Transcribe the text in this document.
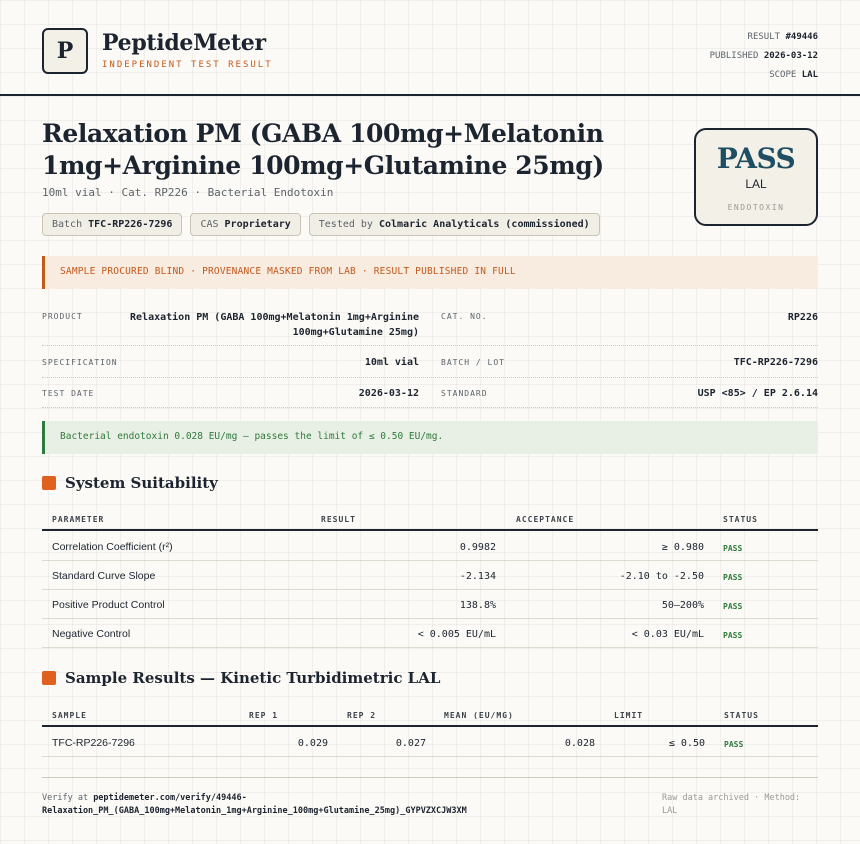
P PeptideMeter
INDEPENDENT TEST RESULT
RESULT #49446
PUBLISHED 2026-03-12
SCOPE LAL
Relaxation PM (GABA 100mg+Melatonin
1mg+Arginine 100mg+Glutamine 25mg)
10ml vial · Cat. RP226 · Bacterial Endotoxin
Batch TFC-RP226-7296	CAS Proprietary	Tested by Colmaric Analyticals (commissioned)
PASS
LAL
ENDOTOXIN
SAMPLE PROCURED BLIND · PROVENANCE MASKED FROM LAB · RESULT PUBLISHED IN FULL
PRODUCT	Relaxation PM (GABA 100mg+Melatonin 1mg+Arginine
100mg+Glutamine 25mg)
CAT. NO.	RP226
SPECIFICATION	10ml vial	BATCH / LOT	TFC-RP226-7296
TEST DATE	2026-03-12	STANDARD	USP <85> / EP 2.6.14
Bacterial endotoxin 0.028 EU/mg — passes the limit of ≤ 0.50 EU/mg.
System Suitability
PARAMETER	RESULT	ACCEPTANCE	STATUS
Correlation Coefficient (r²)	0.9982	≥ 0.980 PASS
Standard Curve Slope	-2.134	-2.10 to -2.50 PASS
Positive Product Control	138.8%	50–200% PASS
Negative Control	< 0.005 EU/mL	< 0.03 EU/mL PASS
Sample Results — Kinetic Turbidimetric LAL
SAMPLE	REP 1	REP 2	MEAN (EU/MG)	LIMIT	STATUS
TFC-RP226-7296	0.029	0.027	0.028	≤ 0.50 PASS
Verify at peptidemeter.com/verify/49446-
Relaxation_PM_(GABA_100mg+Melatonin_1mg+Arginine_100mg+Glutamine_25mg)_GYPVZXCJW3XM
Raw data archived · Method: LAL
